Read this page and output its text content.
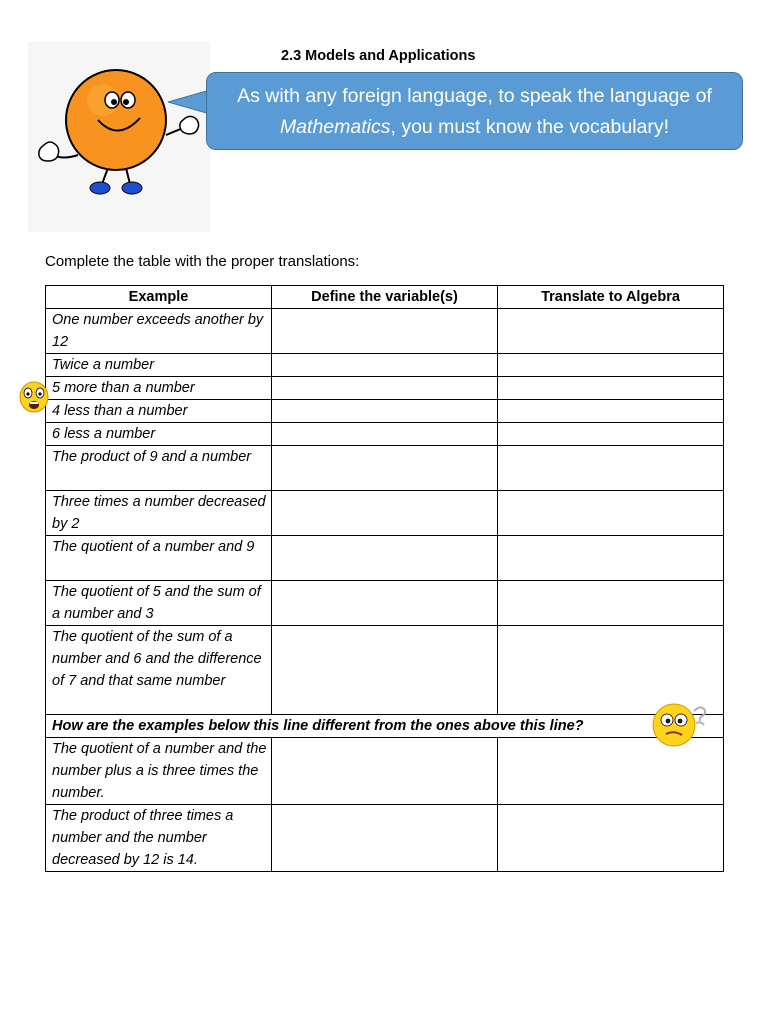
2.3 Models and Applications
As with any foreign language, to speak the language of
Mathematics, you must know the vocabulary!
Complete the table with the proper translations:
Example	Define the variable(s)	Translate to Algebra
One number exceeds another by 12		
Twice a number		
5 more than a number		
4 less than a number		
6 less a number		
The product of 9 and a number		
Three times a number decreased by 2		
The quotient of a number and 9		
The quotient of 5 and the sum of a number and 3		
The quotient of the sum of a number and 6 and the difference of 7 and that same number		
How are the examples below this line different from the ones above this line?		
The quotient of a number and the number plus a is three times the number.		
The product of three times a number and the number decreased by 12 is 14.		
